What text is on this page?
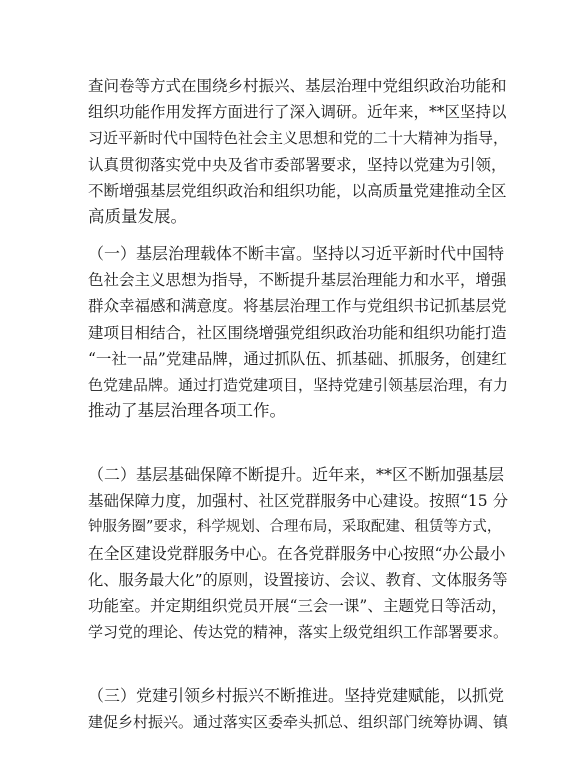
查问卷等方式在围绕乡村振兴、基层治理中党组织政治功能和
组织功能作用发挥方面进行了深入调研。近年来，**区坚持以
习近平新时代中国特色社会主义思想和党的二十大精神为指导，
认真贯彻落实党中央及省市委部署要求，坚持以党建为引领，
不断增强基层党组织政治和组织功能，以高质量党建推动全区
高质量发展。
（一）基层治理载体不断丰富。坚持以习近平新时代中国特
色社会主义思想为指导，不断提升基层治理能力和水平，增强
群众幸福感和满意度。将基层治理工作与党组织书记抓基层党
建项目相结合，社区围绕增强党组织政治功能和组织功能打造
“一社一品”党建品牌，通过抓队伍、抓基础、抓服务，创建红
色党建品牌。通过打造党建项目，坚持党建引领基层治理，有力
推动了基层治理各项工作。
（二）基层基础保障不断提升。近年来，**区不断加强基层
基础保障力度，加强村、社区党群服务中心建设。按照“15 分
钟服务圈”要求，科学规划、合理布局，采取配建、租赁等方式，
在全区建设党群服务中心。在各党群服务中心按照“办公最小
化、服务最大化”的原则，设置接访、会议、教育、文体服务等
功能室。并定期组织党员开展“三会一课”、主题党日等活动，
学习党的理论、传达党的精神，落实上级党组织工作部署要求。
（三）党建引领乡村振兴不断推进。坚持党建赋能，以抓党
建促乡村振兴。通过落实区委牵头抓总、组织部门统筹协调、镇
